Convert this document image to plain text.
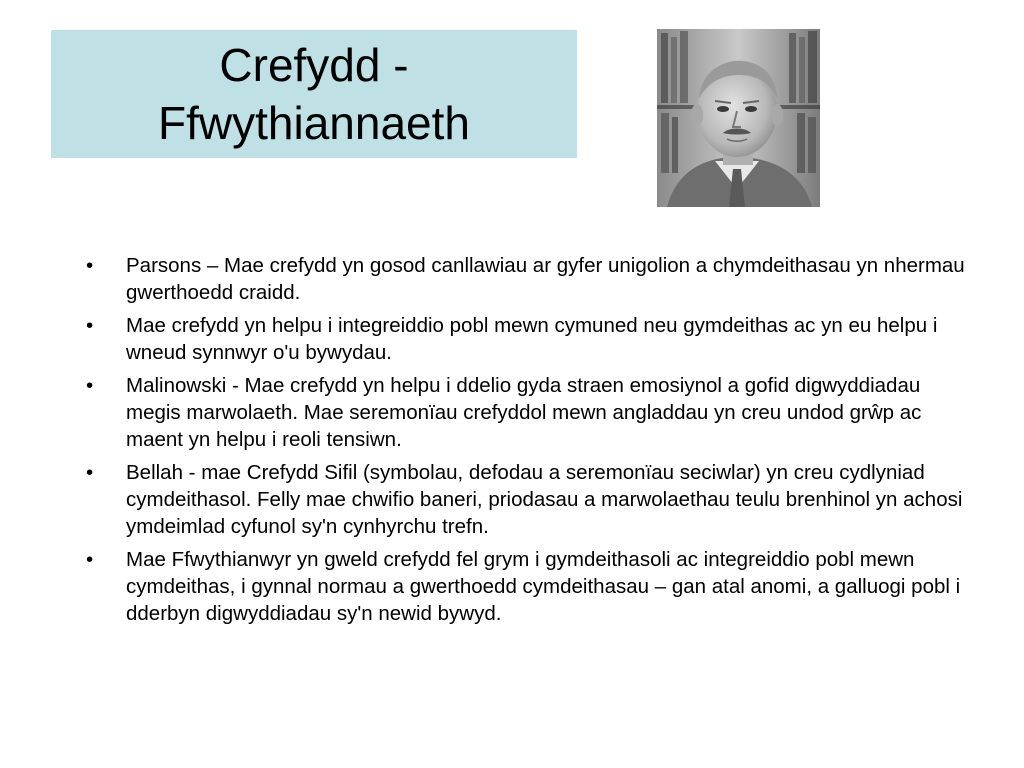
Crefydd -
Ffwythiannaeth
•	Parsons – Mae crefydd yn gosod canllawiau ar gyfer unigolion a chymdeithasau yn nhermau gwerthoedd craidd.
•	Mae crefydd yn helpu i integreiddio pobl mewn cymuned neu gymdeithas ac yn eu helpu i wneud synnwyr o'u bywydau.
•	Malinowski - Mae crefydd yn helpu i ddelio gyda straen emosiynol a gofid digwyddiadau megis marwolaeth. Mae seremonïau crefyddol mewn angladdau yn creu undod grŵp ac maent yn helpu i reoli tensiwn.
•	Bellah - mae Crefydd Sifil (symbolau, defodau a seremonïau seciwlar) yn creu cydlyniad cymdeithasol. Felly mae chwifio baneri, priodasau a marwolaethau teulu brenhinol yn achosi ymdeimlad cyfunol sy'n cynhyrchu trefn.
•	Mae Ffwythianwyr yn gweld crefydd fel grym i gymdeithasoli ac integreiddio pobl mewn cymdeithas, i gynnal normau a gwerthoedd cymdeithasau – gan atal anomi, a galluogi pobl i dderbyn digwyddiadau sy'n newid bywyd.
